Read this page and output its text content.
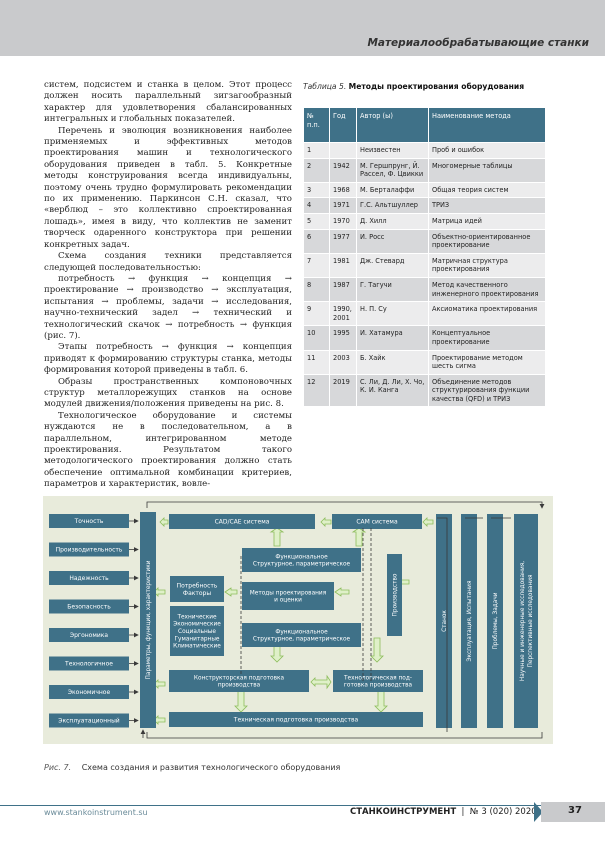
Материалообрабатывающие станки

систем, подсистем и станка в целом. Этот процесс должен носить параллельный зигзагообразный характер для удовлетворения сбалансированных интегральных и глобальных показателей.

Перечень и эволюция возникновения наиболее применяемых и эффективных методов проектирования машин и технологического оборудования приведен в табл. 5. Конкретные методы конструирования всегда индивидуальны, поэтому очень трудно формулировать рекомендации по их применению. Паркинсон С.Н. сказал, что «верблюд – это коллективно спроектированная лошадь», имея в виду, что коллектив не заменит творческ одаренного конструктора при решении конкретных задач.

Схема создания техники представляется следующей последовательностью:

потребность → функция → концепция → проектирование → производство → эксплуатация, испытания → проблемы, задачи → исследования, научно-технический задел → технический и технологический скачок → потребность → функция (рис. 7).

Этапы потребность → функция → концепция приводят к формированию структуры станка, методы формирования которой приведены в табл. 6.

Образы пространственных компоновочных структур металлорежущих станков на основе модулей движения/положения приведены на рис. 8.

Технологическое оборудование и системы нуждаются не в последовательном, а в параллельном, интегрированном методе проектирования. Результатом такого методологического проектирования должно стать обеспечение оптимальной комбинации критериев, параметров и характеристик, вовле-

Таблица 5. Методы проектирования оборудования
№ п.п.	Год	Автор (ы)	Наименование метода
1		Неизвестен	Проб и ошибок
2	1942	М. Гершпрунг, Й. Рассел, Ф. Цвикки	Многомерные таблицы
3	1968	М. Берталаффи	Общая теория систем
4	1971	Г.С. Альтшуллер	ТРИЗ
5	1970	Д. Хилл	Матрица идей
6	1977	И. Росс	Объектно-ориентированное проектирование
7	1981	Дж. Стевард	Матричная структура проектирования
8	1987	Г. Тагучи	Метод качественного инженерного проектирования
9	1990, 2001	Н. П. Су	Аксиоматика проектирования
10	1995	И. Хатамура	Концептуальное проектирование
11	2003	Б. Хайк	Проектирование методом шесть сигма
12	2019	С. Ли, Д. Ли, Х. Чо, К. И. Канга	Объединение методов структурирования функции качества (QFD) и ТРИЗ
Точность
Производительность
Надежность
Безопасность
Эргономика
Технологичное
Экономичное
Эксплуатационный
Параметры, функции, характеристики
CAD/CAE система	CAM система
Потребность Факторы
Технические Экономические Социальные Гуманитарные Климатические
Функциональное Структурное, параметрическое
Методы проектирования и оценки
Функциональное Структурное, параметрическое
Производство
Конструкторская подготовка производства
Технологическая под-готовка производства
Техническая подготовка производства
Станок	Эксплуатация, Испытания	Проблемы, Задачи	Научные и инженерные исследования, Перспективные исследования
Рис. 7. Схема создания и развития технологического оборудования
www.stankoinstrument.su	СТАНКОИНСТРУМЕНТ  |  № 3 (020) 2020	37
